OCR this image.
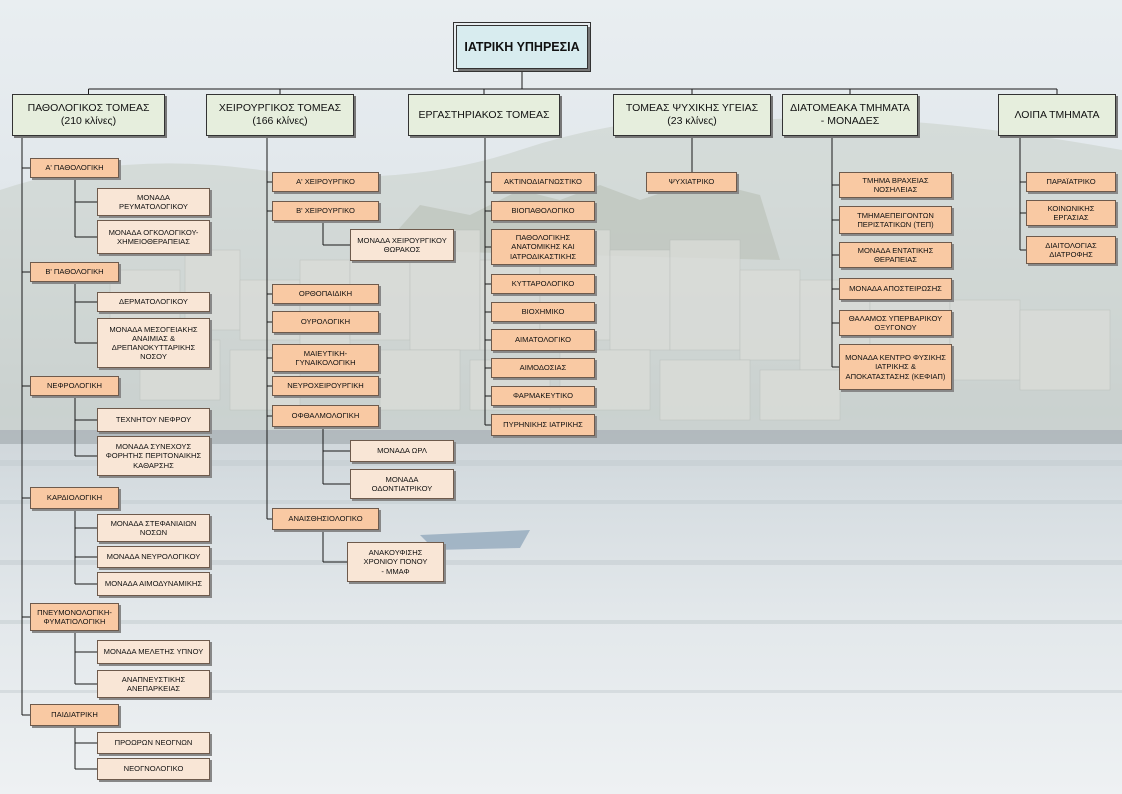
ΙΑΤΡΙΚΗ ΥΠΗΡΕΣΙΑ
ΠΑΘΟΛΟΓΙΚΟΣ ΤΟΜΕΑΣ
(210 κλίνες)
ΧΕΙΡΟΥΡΓΙΚΟΣ ΤΟΜΕΑΣ
(166 κλίνες)
ΕΡΓΑΣΤΗΡΙΑΚΟΣ ΤΟΜΕΑΣ
ΤΟΜΕΑΣ ΨΥΧΙΚΗΣ ΥΓΕΙΑΣ
(23 κλίνες)
ΔΙΑΤΟΜΕΑΚΑ ΤΜΗΜΑΤΑ
- ΜΟΝΑΔΕΣ
ΛΟΙΠΑ ΤΜΗΜΑΤΑ
Α' ΠΑΘΟΛΟΓΙΚΗ
ΜΟΝΑΔΑ
ΡΕΥΜΑΤΟΛΟΓΙΚΟΥ
ΜΟΝΑΔΑ ΟΓΚΟΛΟΓΙΚΟΥ-
ΧΗΜΕΙΟΘΕΡΑΠΕΙΑΣ
Β' ΠΑΘΟΛΟΓΙΚΗ
ΔΕΡΜΑΤΟΛΟΓΙΚΟΥ
ΜΟΝΑΔΑ ΜΕΣΟΓΕΙΑΚΗΣ
ΑΝΑΙΜΙΑΣ &
ΔΡΕΠΑΝΟΚΥΤΤΑΡΙΚΗΣ
ΝΟΣΟΥ
ΝΕΦΡΟΛΟΓΙΚΗ
ΤΕΧΝΗΤΟΥ ΝΕΦΡΟΥ
ΜΟΝΑΔΑ ΣΥΝΕΧΟΥΣ
ΦΟΡΗΤΗΣ ΠΕΡΙΤΟΝΑΙΚΗΣ
ΚΑΘΑΡΣΗΣ
ΚΑΡΔΙΟΛΟΓΙΚΗ
ΜΟΝΑΔΑ ΣΤΕΦΑΝΙΑΙΩΝ
ΝΟΣΩΝ
ΜΟΝΑΔΑ ΝΕΥΡΟΛΟΓΙΚΟΥ
ΜΟΝΑΔΑ ΑΙΜΟΔΥΝΑΜΙΚΗΣ
ΠΝΕΥΜΟΝΟΛΟΓΙΚΗ-
ΦΥΜΑΤΙΟΛΟΓΙΚΗ
ΜΟΝΑΔΑ ΜΕΛΕΤΗΣ ΥΠΝΟΥ
ΑΝΑΠΝΕΥΣΤΙΚΗΣ
ΑΝΕΠΑΡΚΕΙΑΣ
ΠΑΙΔΙΑΤΡΙΚΗ
ΠΡΟΩΡΩΝ ΝΕΟΓΝΩΝ
ΝΕΟΓΝΟΛΟΓΙΚΟ
Α' ΧΕΙΡΟΥΡΓΙΚΟ
Β' ΧΕΙΡΟΥΡΓΙΚΟ
ΜΟΝΑΔΑ ΧΕΙΡΟΥΡΓΙΚΟΥ
ΘΩΡΑΚΟΣ
ΟΡΘΟΠΑΙΔΙΚΗ
ΟΥΡΟΛΟΓΙΚΗ
ΜΑΙΕΥΤΙΚΗ-
ΓΥΝΑΙΚΟΛΟΓΙΚΗ
ΝΕΥΡΟΧΕΙΡΟΥΡΓΙΚΗ
ΟΦΘΑΛΜΟΛΟΓΙΚΗ
ΜΟΝΑΔΑ ΩΡΛ
ΜΟΝΑΔΑ
ΟΔΟΝΤΙΑΤΡΙΚΟΥ
ΑΝΑΙΣΘΗΣΙΟΛΟΓΙΚΟ
ΑΝΑΚΟΥΦΙΣΗΣ
ΧΡΟΝΙΟΥ ΠΟΝΟΥ
- ΜΜΑΦ
ΑΚΤΙΝΟΔΙΑΓΝΩΣΤΙΚΟ
ΒΙΟΠΑΘΟΛΟΓΙΚΟ
ΠΑΘΟΛΟΓΙΚΗΣ
ΑΝΑΤΟΜΙΚΗΣ ΚΑΙ
ΙΑΤΡΟΔΙΚΑΣΤΙΚΗΣ
ΚΥΤΤΑΡΟΛΟΓΙΚΟ
ΒΙΟΧΗΜΙΚΟ
ΑΙΜΑΤΟΛΟΓΙΚΟ
ΑΙΜΟΔΟΣΙΑΣ
ΦΑΡΜΑΚΕΥΤΙΚΟ
ΠΥΡΗΝΙΚΗΣ ΙΑΤΡΙΚΗΣ
ΨΥΧΙΑΤΡΙΚΟ	ΤΜΗΜΑ ΒΡΑΧΕΙΑΣ
ΝΟΣΗΛΕΙΑΣ
ΤΜΗΜΑΕΠΕΙΓΟΝΤΩΝ
ΠΕΡΙΣΤΑΤΙΚΩΝ (ΤΕΠ)
ΜΟΝΑΔΑ ΕΝΤΑΤΙΚΗΣ
ΘΕΡΑΠΕΙΑΣ
ΜΟΝΑΔΑ ΑΠΟΣΤΕΙΡΩΣΗΣ
ΘΑΛΑΜΟΣ ΥΠΕΡΒΑΡΙΚΟΥ
ΟΞΥΓΟΝΟΥ
ΜΟΝΑΔΑ ΚΕΝΤΡΟ ΦΥΣΙΚΗΣ
ΙΑΤΡΙΚΗΣ &
ΑΠΟΚΑΤΑΣΤΑΣΗΣ (ΚΕΦΙΑΠ)
ΠΑΡΑΪΑΤΡΙΚΟ
ΚΟΙΝΩΝΙΚΗΣ
ΕΡΓΑΣΙΑΣ
ΔΙΑΙΤΟΛΟΓΙΑΣ
ΔΙΑΤΡΟΦΗΣ
